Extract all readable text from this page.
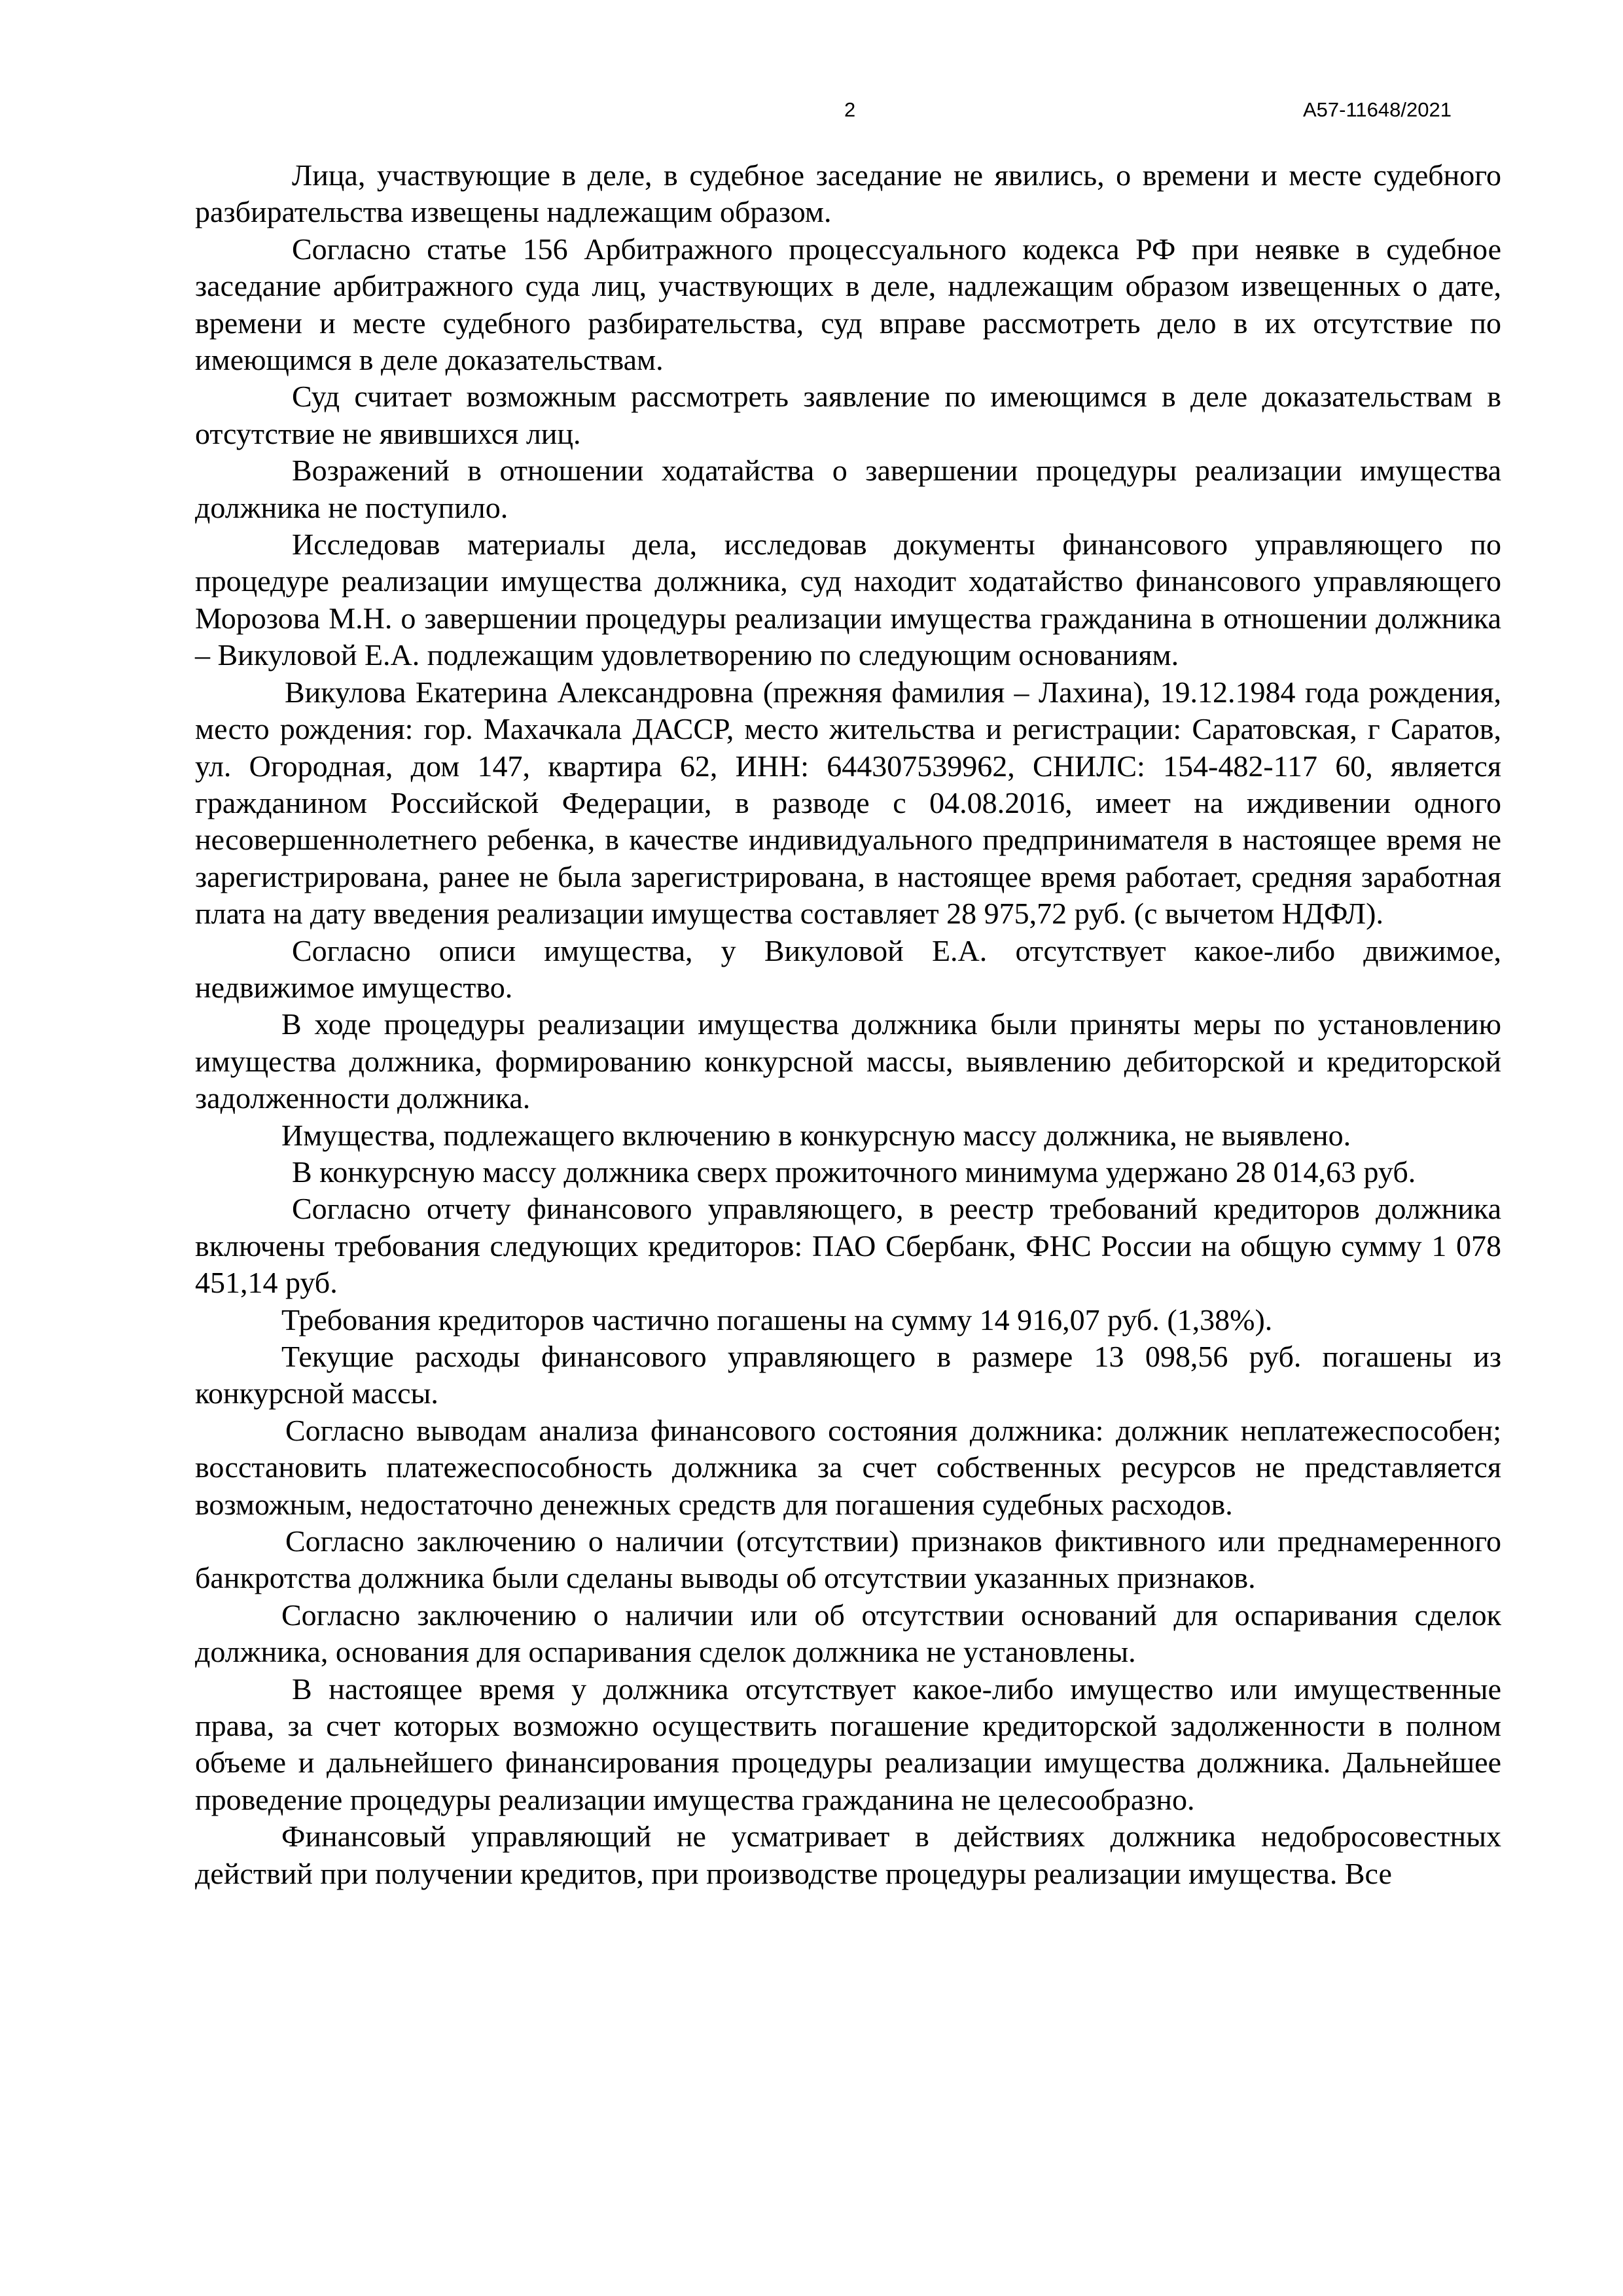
2	А57-11648/2021

Лица, участвующие в деле, в судебное заседание не явились, о времени и месте судебного разбирательства извещены надлежащим образом.

Согласно статье 156 Арбитражного процессуального кодекса РФ при неявке в судебное заседание арбитражного суда лиц, участвующих в деле, надлежащим образом извещенных о дате, времени и месте судебного разбирательства, суд вправе рассмотреть дело в их отсутствие по имеющимся в деле доказательствам.

Суд считает возможным рассмотреть заявление по имеющимся в деле доказательствам в отсутствие не явившихся лиц.

Возражений в отношении ходатайства о завершении процедуры реализации имущества должника не поступило.

Исследовав материалы дела, исследовав документы финансового управляющего по процедуре реализации имущества должника, суд находит ходатайство финансового управляющего Морозова М.Н. о завершении процедуры реализации имущества гражданина в отношении должника – Викуловой Е.А. подлежащим удовлетворению по следующим основаниям.

Викулова Екатерина Александровна (прежняя фамилия – Лахина), 19.12.1984 года рождения, место рождения: гор. Махачкала ДАССР, место жительства и регистрации: Саратовская, г Саратов, ул. Огородная, дом 147, квартира 62, ИНН: 644307539962, СНИЛС: 154-482-117 60, является гражданином Российской Федерации, в разводе с 04.08.2016, имеет на иждивении одного несовершеннолетнего ребенка, в качестве индивидуального предпринимателя в настоящее время не зарегистрирована, ранее не была зарегистрирована, в настоящее время работает, средняя заработная плата на дату введения реализации имущества составляет 28 975,72 руб. (с вычетом НДФЛ).

Согласно описи имущества, у Викуловой Е.А. отсутствует какое-либо движимое, недвижимое имущество.

В ходе процедуры реализации имущества должника были приняты меры по установлению имущества должника, формированию конкурсной массы, выявлению дебиторской и кредиторской задолженности должника.

Имущества, подлежащего включению в конкурсную массу должника, не выявлено.

В конкурсную массу должника сверх прожиточного минимума удержано 28 014,63 руб.

Согласно отчету финансового управляющего, в реестр требований кредиторов должника включены требования следующих кредиторов: ПАО Сбербанк, ФНС России на общую сумму 1 078 451,14 руб.

Требования кредиторов частично погашены на сумму 14 916,07 руб. (1,38%).

Текущие расходы финансового управляющего в размере 13 098,56 руб. погашены из конкурсной массы.

Согласно выводам анализа финансового состояния должника: должник неплатежеспособен; восстановить платежеспособность должника за счет собственных ресурсов не представляется возможным, недостаточно денежных средств для погашения судебных расходов.

Согласно заключению о наличии (отсутствии) признаков фиктивного или преднамеренного банкротства должника были сделаны выводы об отсутствии указанных признаков.

Согласно заключению о наличии или об отсутствии оснований для оспаривания сделок должника, основания для оспаривания сделок должника не установлены.

В настоящее время у должника отсутствует какое-либо имущество или имущественные права, за счет которых возможно осуществить погашение кредиторской задолженности в полном объеме и дальнейшего финансирования процедуры реализации имущества должника. Дальнейшее проведение процедуры реализации имущества гражданина не целесообразно.

Финансовый управляющий не усматривает в действиях должника недобросовестных действий при получении кредитов, при производстве процедуры реализации имущества. Все
